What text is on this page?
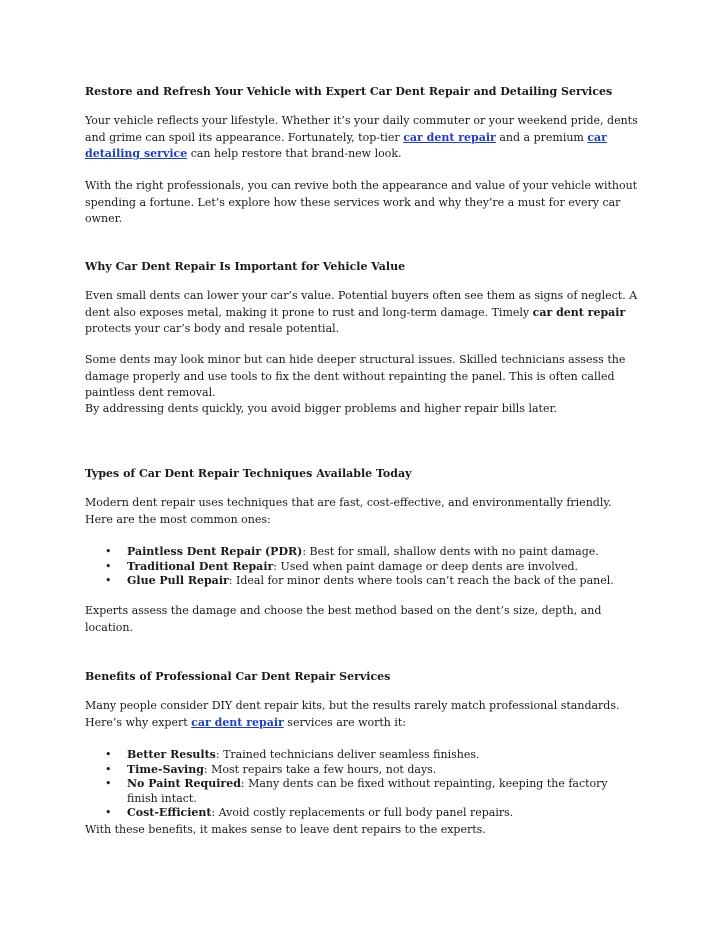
Restore and Refresh Your Vehicle with Expert Car Dent Repair and Detailing Services

Your vehicle reflects your lifestyle. Whether it’s your daily commuter or your weekend pride, dents and grime can spoil its appearance. Fortunately, top-tier car dent repair and a premium car detailing service can help restore that brand-new look.

With the right professionals, you can revive both the appearance and value of your vehicle without spending a fortune. Let’s explore how these services work and why they’re a must for every car owner.

Why Car Dent Repair Is Important for Vehicle Value

Even small dents can lower your car’s value. Potential buyers often see them as signs of neglect. A dent also exposes metal, making it prone to rust and long-term damage. Timely car dent repair protects your car’s body and resale potential.

Some dents may look minor but can hide deeper structural issues. Skilled technicians assess the damage properly and use tools to fix the dent without repainting the panel. This is often called paintless dent removal.

By addressing dents quickly, you avoid bigger problems and higher repair bills later.

Types of Car Dent Repair Techniques Available Today

Modern dent repair uses techniques that are fast, cost-effective, and environmentally friendly. Here are the most common ones:

• Paintless Dent Repair (PDR): Best for small, shallow dents with no paint damage.
• Traditional Dent Repair: Used when paint damage or deep dents are involved.
• Glue Pull Repair: Ideal for minor dents where tools can’t reach the back of the panel.

Experts assess the damage and choose the best method based on the dent’s size, depth, and location.

Benefits of Professional Car Dent Repair Services

Many people consider DIY dent repair kits, but the results rarely match professional standards. Here’s why expert car dent repair services are worth it:

• Better Results: Trained technicians deliver seamless finishes.
• Time-Saving: Most repairs take a few hours, not days.
• No Paint Required: Many dents can be fixed without repainting, keeping the factory finish intact.
• Cost-Efficient: Avoid costly replacements or full body panel repairs.

With these benefits, it makes sense to leave dent repairs to the experts.
